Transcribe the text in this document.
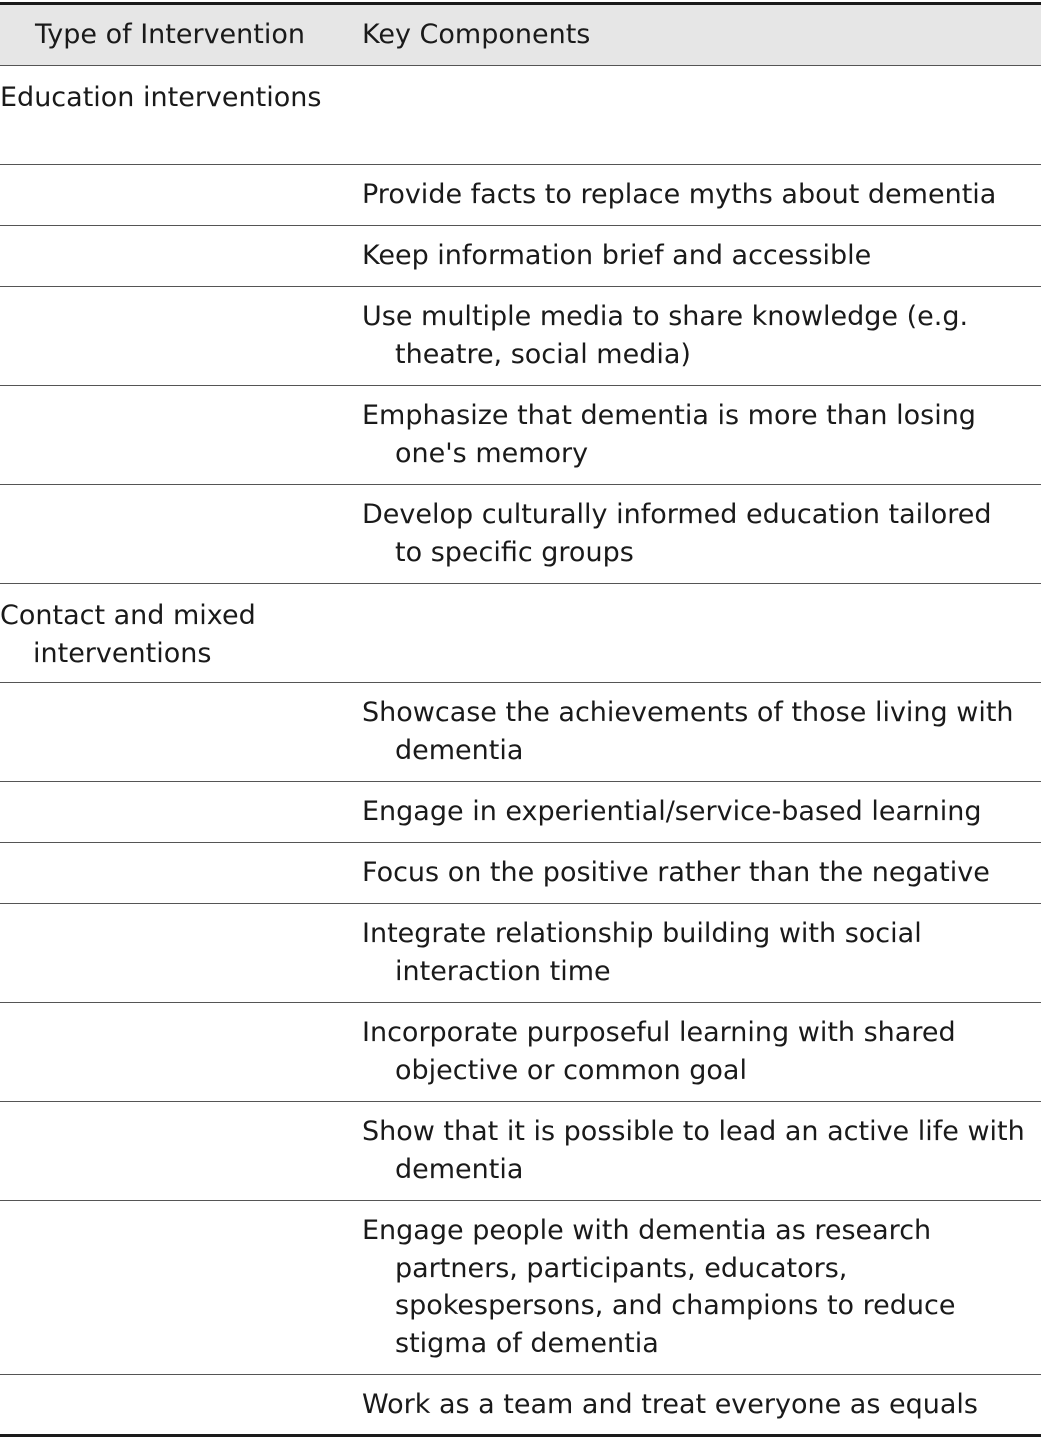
Type of Intervention	Key Components
Education interventions
Provide facts to replace myths about dementia
Keep information brief and accessible
Use multiple media to share knowledge (e.g. theatre, social media)
Emphasize that dementia is more than losing one's memory
Develop culturally informed education tailored to specific groups
Contact and mixed interventions
Showcase the achievements of those living with dementia
Engage in experiential/service-based learning
Focus on the positive rather than the negative
Integrate relationship building with social interaction time
Incorporate purposeful learning with shared objective or common goal
Show that it is possible to lead an active life with dementia
Engage people with dementia as research partners, participants, educators, spokespersons, and champions to reduce stigma of dementia
Work as a team and treat everyone as equals
